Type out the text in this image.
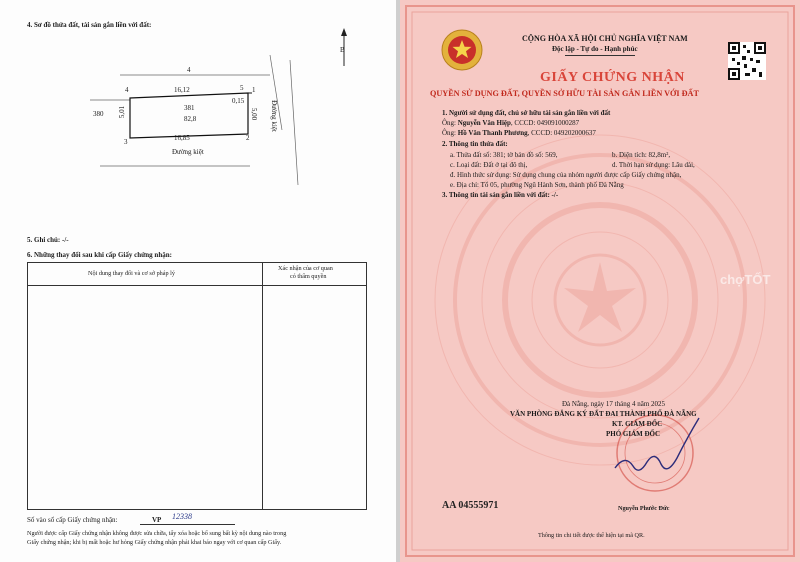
4. Sơ đồ thửa đất, tài sản gắn liền với đất:
4
16,12
380 5,01	381
82,8
0,15
5,00
16,85	2
3
4	5 1
Đường kiệt
Đường kiệt
B
5. Ghi chú: -/-
6. Những thay đổi sau khi cấp Giấy chứng nhận:
Nội dung thay đổi và cơ sở pháp lý
Xác nhận của cơ quan
có thẩm quyền
Số vào sổ cấp Giấy chứng nhận:	VP 12338
Người được cấp Giấy chứng nhận không được sửa chữa, tẩy xóa hoặc bổ sung bất kỳ nội dung nào trong
Giấy chứng nhận; khi bị mất hoặc hư hỏng Giấy chứng nhận phải khai báo ngay với cơ quan cấp Giấy.
CỘNG HÒA XÃ HỘI CHỦ NGHĨA VIỆT NAM
Độc lập - Tự do - Hạnh phúc
GIẤY CHỨNG NHẬN
QUYỀN SỬ DỤNG ĐẤT, QUYỀN SỞ HỮU TÀI SẢN GẮN LIỀN VỚI ĐẤT
1. Người sử dụng đất, chủ sở hữu tài sản gắn liền với đất
Ông: Nguyễn Văn Hiệp, CCCD: 049091000287
Ông: Hồ Văn Thanh Phương, CCCD: 049202000637
2. Thông tin thửa đất:
a. Thửa đất số: 381; tờ bản đồ số: 569,	b. Diện tích: 82,8m²,
c. Loại đất: Đất ở tại đô thị,	d. Thời hạn sử dụng: Lâu dài,
đ. Hình thức sử dụng: Sử dụng chung của nhóm người được cấp Giấy chứng nhận,
e. Địa chỉ: Tổ 05, phường Ngũ Hành Sơn, thành phố Đà Nẵng
3. Thông tin tài sản gắn liền với đất: -/-
chợTỐT
Đà Nẵng, ngày 17 tháng 4 năm 2025
VĂN PHÒNG ĐĂNG KÝ ĐẤT ĐAI THÀNH PHỐ ĐÀ NẴNG
KT. GIÁM ĐỐC
PHÓ GIÁM ĐỐC
Nguyễn Phước Đức
AA 04555971
Thông tin chi tiết được thể hiện tại mã QR.
